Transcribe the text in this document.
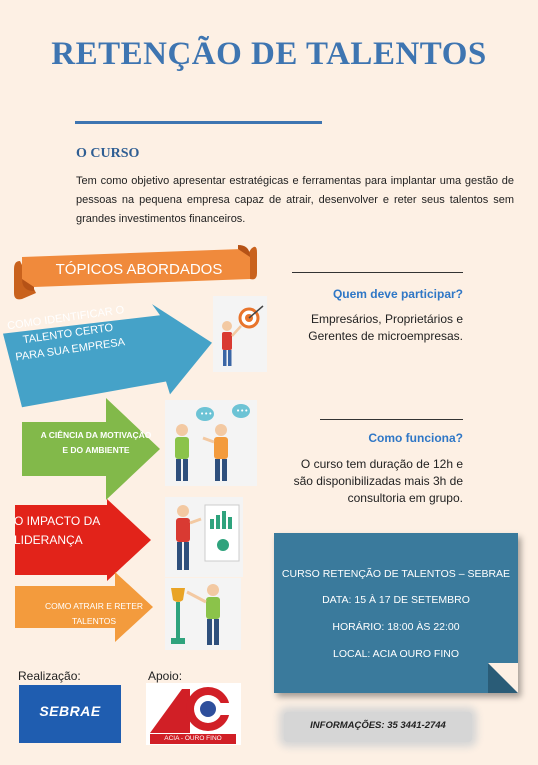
RETENÇÃO DE TALENTOS
O CURSO
Tem como objetivo apresentar estratégicas e ferramentas para implantar uma gestão de pessoas na pequena empresa capaz de atrair, desenvolver e reter seus talentos sem grandes investimentos financeiros.
TÓPICOS ABORDADOS
COMO IDENTIFICAR O TALENTO CERTO PARA SUA EMPRESA
A CIÊNCIA DA MOTIVAÇÃO E DO AMBIENTE
O IMPACTO DA LIDERANÇA
COMO ATRAIR E RETER TALENTOS
•••	•••
Quem deve participar?
Empresários, Proprietários e Gerentes de microempresas.
Como funciona?
O curso tem duração de 12h e são disponibilizadas mais 3h de consultoria em grupo.
CURSO RETENÇÃO DE TALENTOS – SEBRAE
DATA: 15 À 17 DE SETEMBRO
HORÁRIO: 18:00 ÀS 22:00
LOCAL: ACIA OURO FINO
Realização:	Apoio:
SEBRAE
ACIA - OURO FINO
INFORMAÇÕES: 35 3441-2744
